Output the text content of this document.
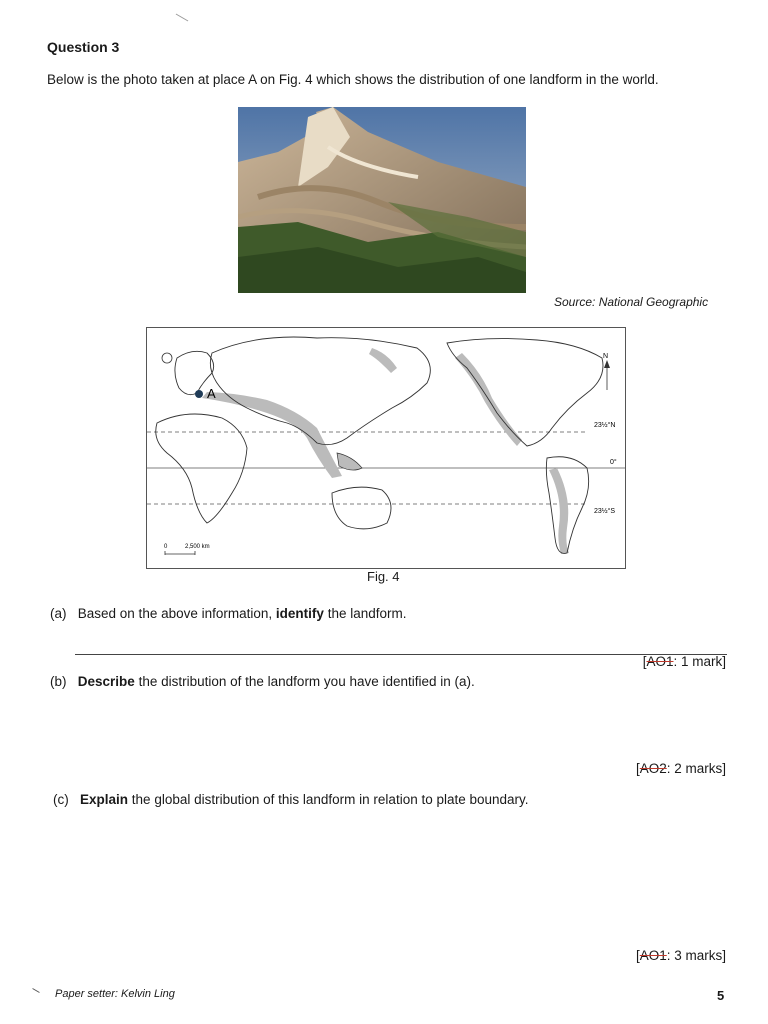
Question 3
Below is the photo taken at place A on Fig. 4 which shows the distribution of one landform in the world.
Source: National Geographic
A
N
23½°N
0°
23½°S
0	2,500 km
Fig. 4
(a) Based on the above information, identify the landform.
[AO1: 1 mark]
(b) Describe the distribution of the landform you have identified in (a).
[AO2: 2 marks]
(c) Explain the global distribution of this landform in relation to plate boundary.
[AO1: 3 marks]
Paper setter: Kelvin Ling	5
